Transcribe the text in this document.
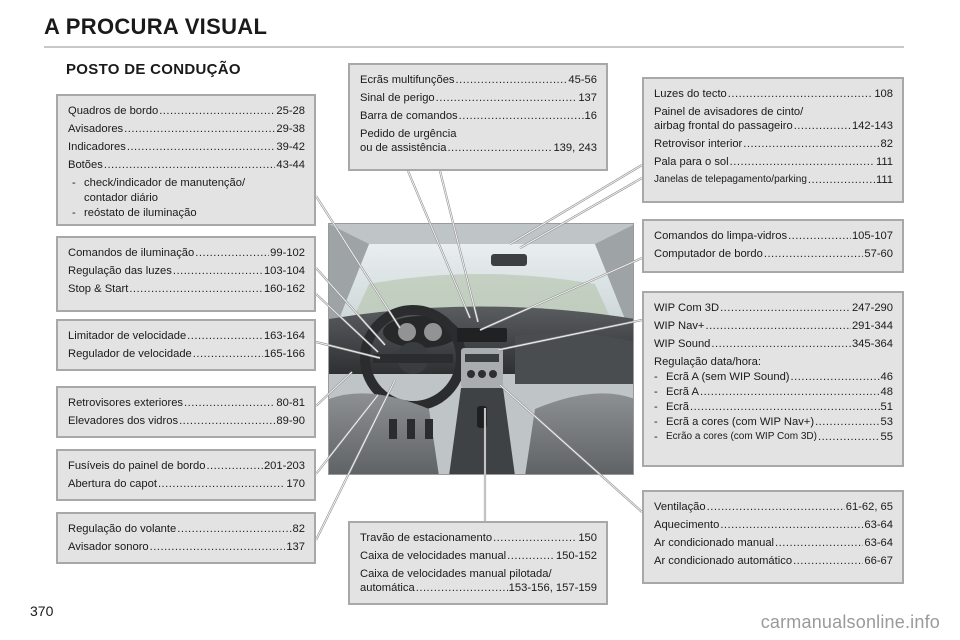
A PROCURA VISUAL
POSTO DE CONDUÇÃO
Quadros de bordo .....	25-28
Avisadores .....	29-38
Indicadores .....	39-42
Botões .....	43-44
- check/indicador de manutenção/
contador diário
- reóstato de iluminação
Comandos de iluminação .....	99-102
Regulação das luzes .....	103-104
Stop & Start .....	160-162
Limitador de velocidade .....	163-164
Regulador de velocidade .....	165-166
Retrovisores exteriores .....	80-81
Elevadores dos vidros .....	89-90
Fusíveis do painel de bordo .....	201-203
Abertura do capot .....	170
Regulação do volante .....	82
Avisador sonoro .....	137
Ecrãs multifunções .....	45-56
Sinal de perigo .....	137
Barra de comandos .....	16
Pedido de urgência
ou de assistência .....	139, 243
Luzes do tecto .....	108
Painel de avisadores de cinto/
airbag frontal do passageiro .....	142-143
Retrovisor interior .....	82
Pala para o sol .....	111
Janelas de telepagamento/parking .....	111
Comandos do limpa-vidros .....	105-107
Computador de bordo .....	57-60
WIP Com 3D .....	247-290
WIP Nav+ .....	291-344
WIP Sound .....	345-364
Regulação data/hora:
- Ecrã A (sem WIP Sound) .....	46
- Ecrã A .....	48
- Ecrã .....	51
- Ecrã a cores (com WIP Nav+) .....	53
- Ecrão a cores (com WIP Com 3D) .....	55
Ventilação .....	61-62, 65
Aquecimento .....	63-64
Ar condicionado manual .....	63-64
Ar condicionado automático .....	66-67
Travão de estacionamento .....	150
Caixa de velocidades manual .....	150-152
Caixa de velocidades manual pilotada/
automática .....	153-156, 157-159
370
carmanualsonline.info
